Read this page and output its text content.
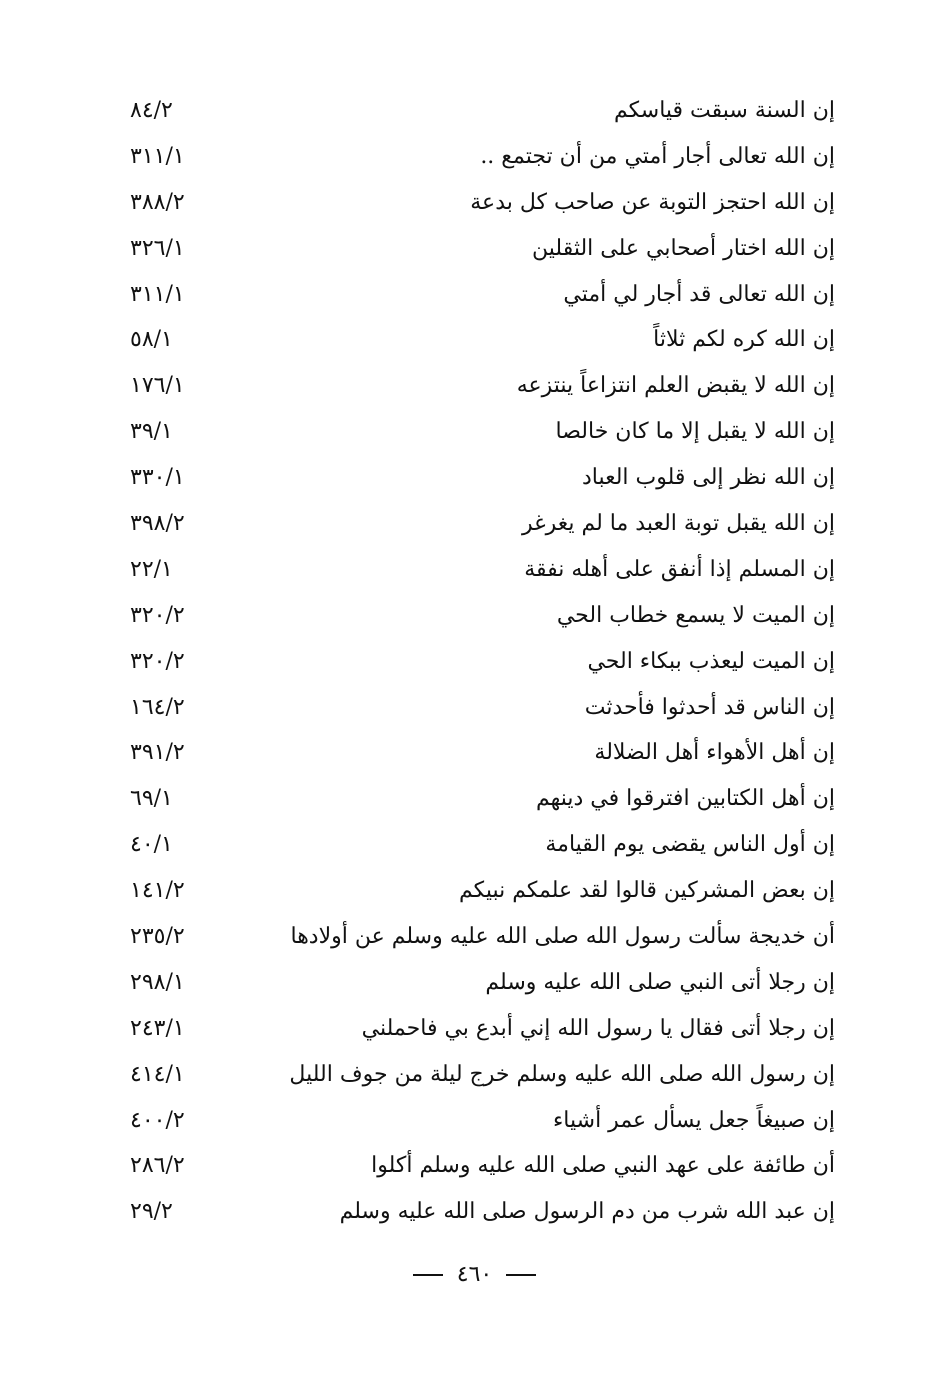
إن السنة سبقت قياسكم
٨٤/٢
إن الله تعالى أجار أمتي من أن تجتمع ..
٣١١/١
إن الله احتجز التوبة عن صاحب كل بدعة
٣٨٨/٢
إن الله اختار أصحابي على الثقلين
٣٢٦/١
إن الله تعالى قد أجار لي أمتي
٣١١/١
إن الله كره لكم ثلاثاً
٥٨/١
إن الله لا يقبض العلم انتزاعاً ينتزعه
١٧٦/١
إن الله لا يقبل إلا ما كان خالصا
٣٩/١
إن الله نظر إلى قلوب العباد
٣٣٠/١
إن الله يقبل توبة العبد ما لم يغرغر
٣٩٨/٢
إن المسلم إذا أنفق على أهله نفقة
٢٢/١
إن الميت لا يسمع خطاب الحي
٣٢٠/٢
إن الميت ليعذب ببكاء الحي
٣٢٠/٢
إن الناس قد أحدثوا فأحدثت
١٦٤/٢
إن أهل الأهواء أهل الضلالة
٣٩١/٢
إن أهل الكتابين افترقوا في دينهم
٦٩/١
إن أول الناس يقضى يوم القيامة
٤٠/١
إن بعض المشركين قالوا لقد علمكم نبيكم
١٤١/٢
أن خديجة سألت رسول الله صلى الله عليه وسلم عن أولادها
٢٣٥/٢
إن رجلا أتى النبي صلى الله عليه وسلم
٢٩٨/١
إن رجلا أتى فقال يا رسول الله إني أبدع بي فاحملني
٢٤٣/١
إن رسول الله صلى الله عليه وسلم خرج ليلة من جوف الليل
٤١٤/١
إن صبيغاً جعل يسأل عمر أشياء
٤٠٠/٢
أن طائفة على عهد النبي صلى الله عليه وسلم أكلوا
٢٨٦/٢
إن عبد الله شرب من دم الرسول صلى الله عليه وسلم
٢٩/٢
٤٦٠
